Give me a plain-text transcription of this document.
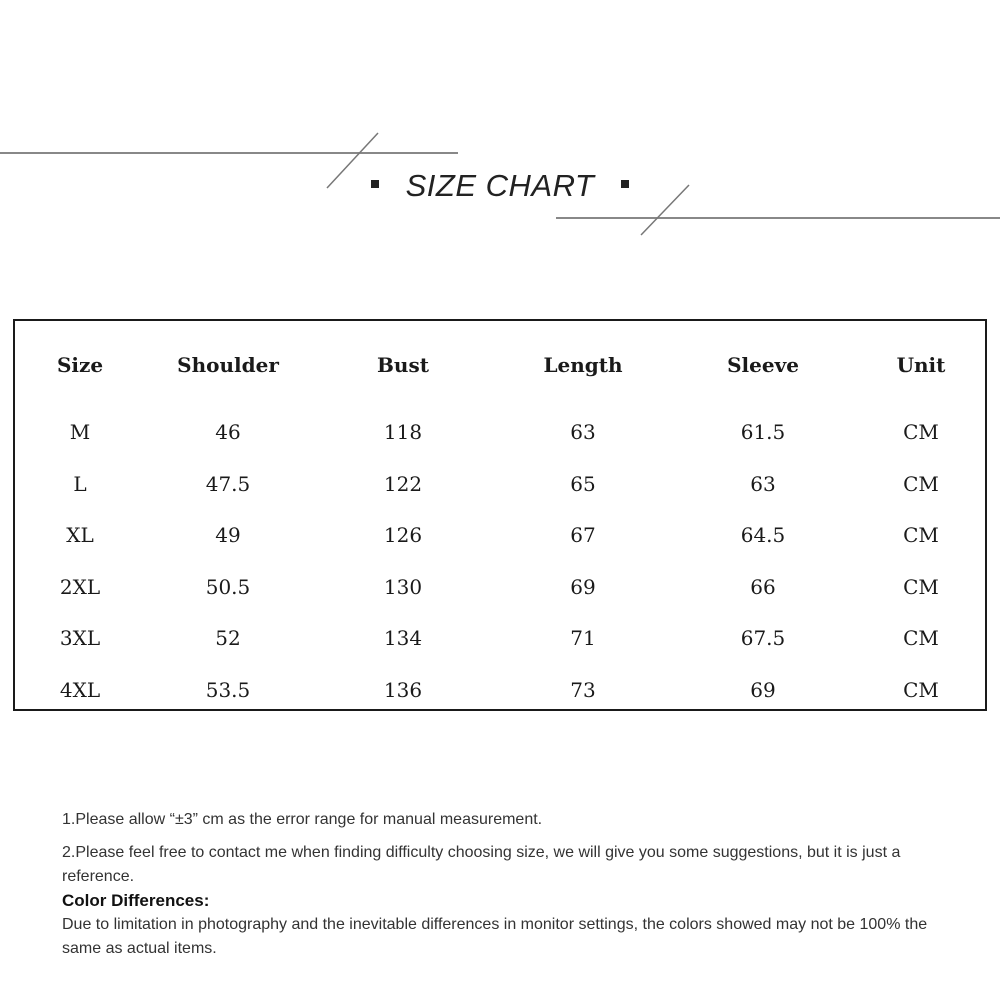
SIZE CHART
Size	Shoulder	Bust	Length	Sleeve	Unit
M	46	118	63	61.5	CM
L	47.5	122	65	63	CM
XL	49	126	67	64.5	CM
2XL	50.5	130	69	66	CM
3XL	52	134	71	67.5	CM
4XL	53.5	136	73	69	CM

1.Please allow “±3” cm as the error range for manual measurement.

2.Please feel free to contact me when finding difficulty choosing size, we will give you some suggestions, but it is just a reference.

Color Differences:

Due to limitation in photography and the inevitable differences in monitor settings, the colors showed may not be 100% the same as actual items.
